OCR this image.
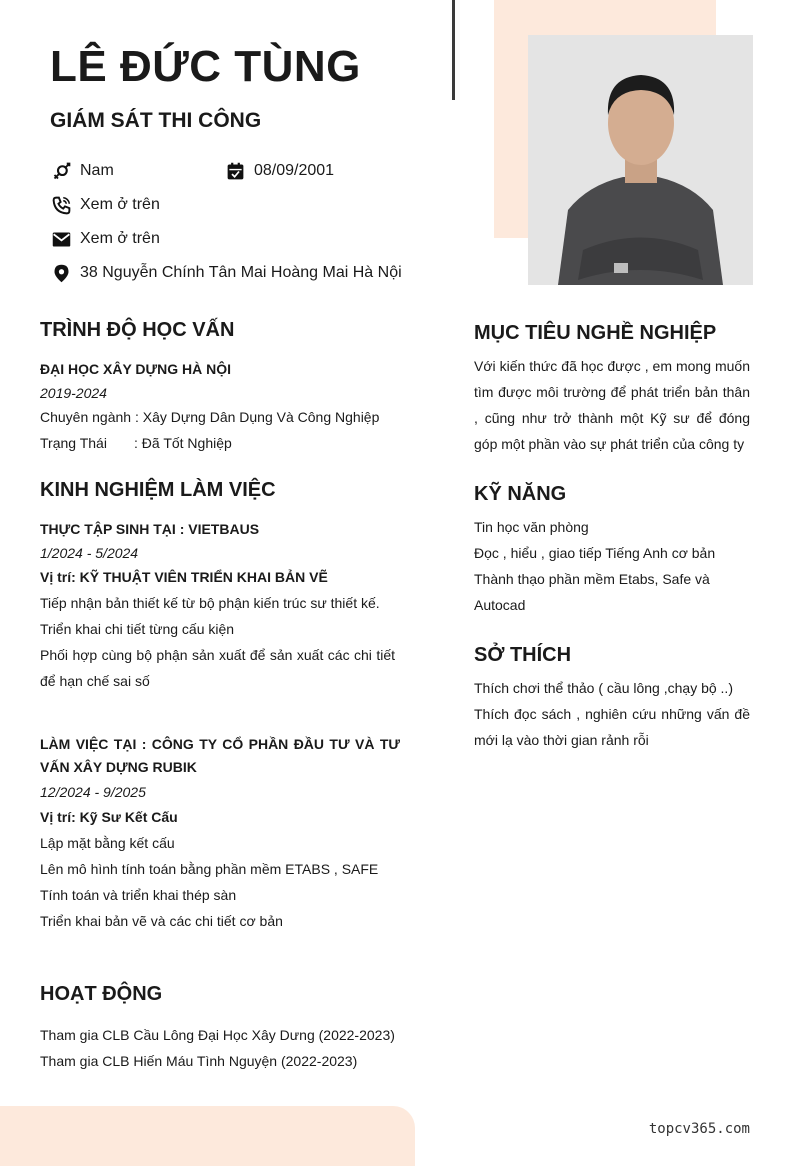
LÊ ĐỨC TÙNG
GIÁM SÁT THI CÔNG
Nam	08/09/2001
Xem ở trên
Xem ở trên
38 Nguyễn Chính Tân Mai Hoàng Mai Hà Nội
TRÌNH ĐỘ HỌC VẤN
ĐẠI HỌC XÂY DỰNG HÀ NỘI
2019-2024
Chuyên ngành : Xây Dựng Dân Dụng Và Công Nghiệp
Trạng Thái : Đã Tốt Nghiệp
KINH NGHIỆM LÀM VIỆC
THỰC TẬP SINH TẠI : VIETBAUS
1/2024 - 5/2024
Vị trí: KỸ THUẬT VIÊN TRIỂN KHAI BẢN VẼ
Tiếp nhận bản thiết kế từ bộ phận kiến trúc sư thiết kế.
Triển khai chi tiết từng cấu kiện
Phối hợp cùng bộ phận sản xuất để sản xuất các chi tiết để hạn chế sai số
LÀM VIỆC TẠI : CÔNG TY CỔ PHẦN ĐẦU TƯ VÀ TƯ VẤN XÂY DỰNG RUBIK
12/2024 - 9/2025
Vị trí: Kỹ Sư Kết Cấu
Lập mặt bằng kết cấu
Lên mô hình tính toán bằng phần mềm ETABS , SAFE
Tính toán và triển khai thép sàn
Triển khai bản vẽ và các chi tiết cơ bản
HOẠT ĐỘNG
Tham gia CLB Cầu Lông Đại Học Xây Dưng (2022-2023)
Tham gia CLB Hiến Máu Tình Nguyện (2022-2023)
MỤC TIÊU NGHỀ NGHIỆP
Với kiến thức đã học được , em mong muốn tìm được môi trường để phát triển bản thân , cũng như trở thành một Kỹ sư để đóng góp một phần vào sự phát triển của công ty
KỸ NĂNG
Tin học văn phòng
Đọc , hiểu , giao tiếp Tiếng Anh cơ bản
Thành thạo phần mềm Etabs, Safe và Autocad
SỞ THÍCH
Thích chơi thể thảo ( cầu lông ,chạy bộ ..)
Thích đọc sách , nghiên cứu những vấn đề mới lạ vào thời gian rảnh rỗi
topcv365.com
